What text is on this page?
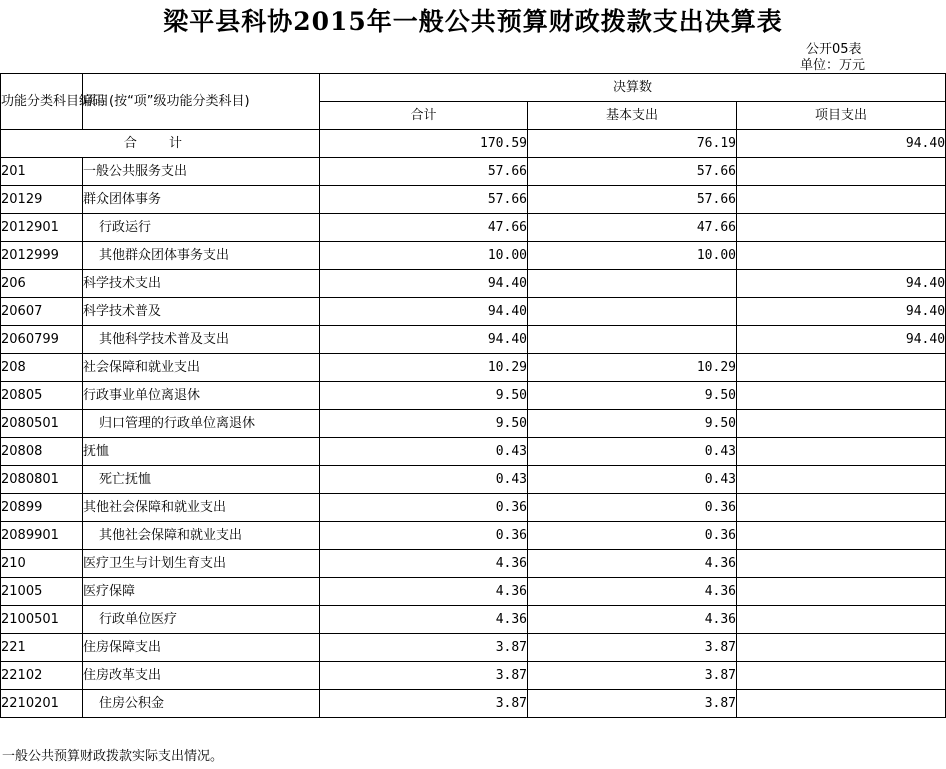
梁平县科协2015年一般公共预算财政拨款支出决算表
公开05表
单位：万元
功能分类科目编码	项目(按“项”级功能分类科目)	决算数		
		合计	基本支出	项目支出
合 计		170.59	76.19	94.40
201	一般公共服务支出	57.66	57.66	
20129	群众团体事务	57.66	57.66	
2012901	行政运行	47.66	47.66	
2012999	其他群众团体事务支出	10.00	10.00	
206	科学技术支出	94.40		94.40
20607	科学技术普及	94.40		94.40
2060799	其他科学技术普及支出	94.40		94.40
208	社会保障和就业支出	10.29	10.29	
20805	行政事业单位离退休	9.50	9.50	
2080501	归口管理的行政单位离退休	9.50	9.50	
20808	抚恤	0.43	0.43	
2080801	死亡抚恤	0.43	0.43	
20899	其他社会保障和就业支出	0.36	0.36	
2089901	其他社会保障和就业支出	0.36	0.36	
210	医疗卫生与计划生育支出	4.36	4.36	
21005	医疗保障	4.36	4.36	
2100501	行政单位医疗	4.36	4.36	
221	住房保障支出	3.87	3.87	
22102	住房改革支出	3.87	3.87	
2210201	住房公积金	3.87	3.87	
一般公共预算财政拨款实际支出情况。
